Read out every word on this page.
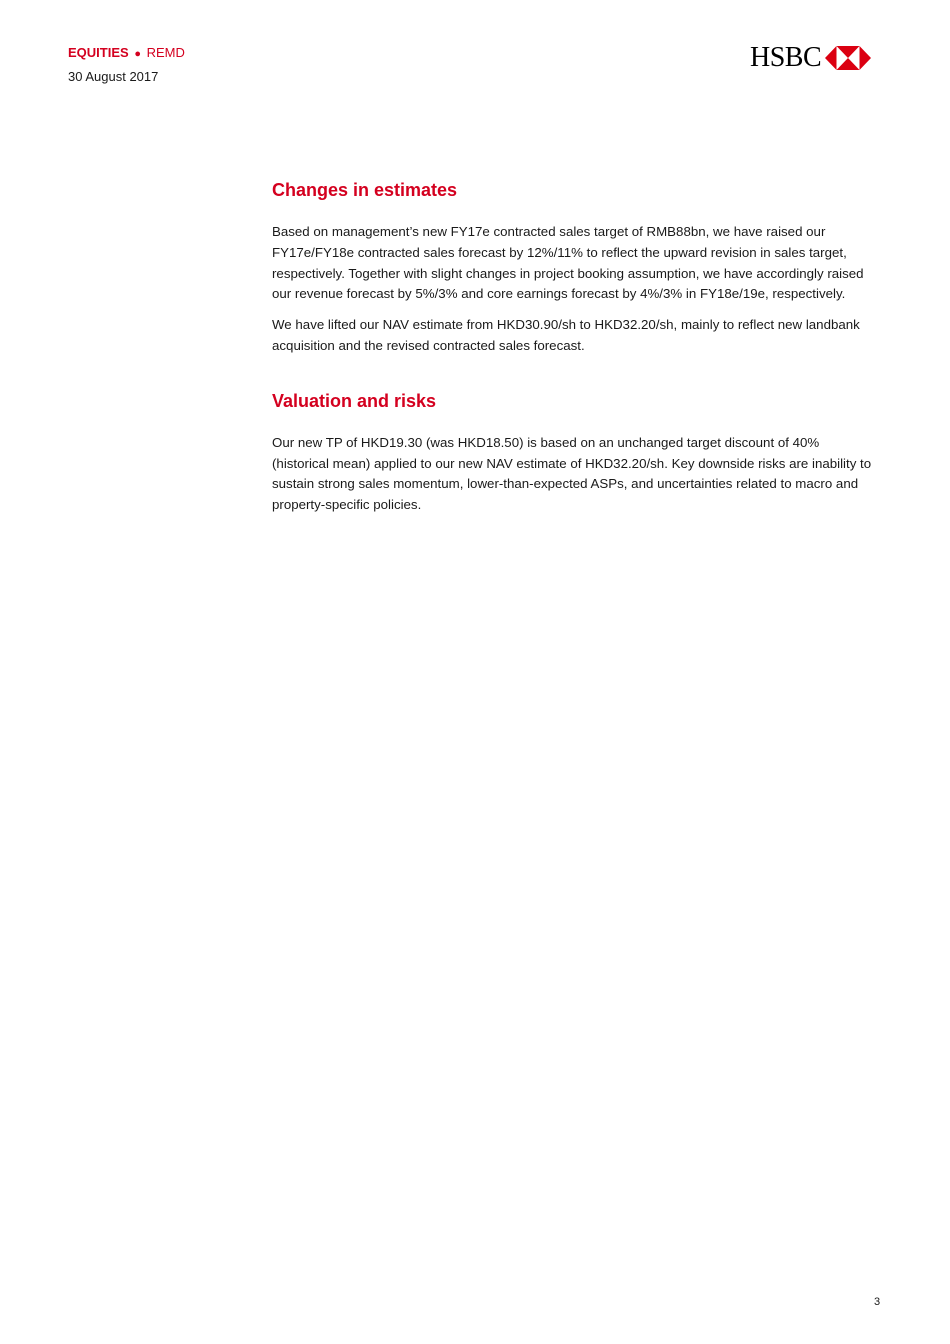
EQUITIES ● REMD
30 August 2017
HSBC
Changes in estimates

Based on management’s new FY17e contracted sales target of RMB88bn, we have raised our FY17e/FY18e contracted sales forecast by 12%/11% to reflect the upward revision in sales target, respectively. Together with slight changes in project booking assumption, we have accordingly raised our revenue forecast by 5%/3% and core earnings forecast by 4%/3% in FY18e/19e, respectively.

We have lifted our NAV estimate from HKD30.90/sh to HKD32.20/sh, mainly to reflect new landbank acquisition and the revised contracted sales forecast.

Valuation and risks

Our new TP of HKD19.30 (was HKD18.50) is based on an unchanged target discount of 40% (historical mean) applied to our new NAV estimate of HKD32.20/sh. Key downside risks are inability to sustain strong sales momentum, lower-than-expected ASPs, and uncertainties related to macro and property-specific policies.

3
